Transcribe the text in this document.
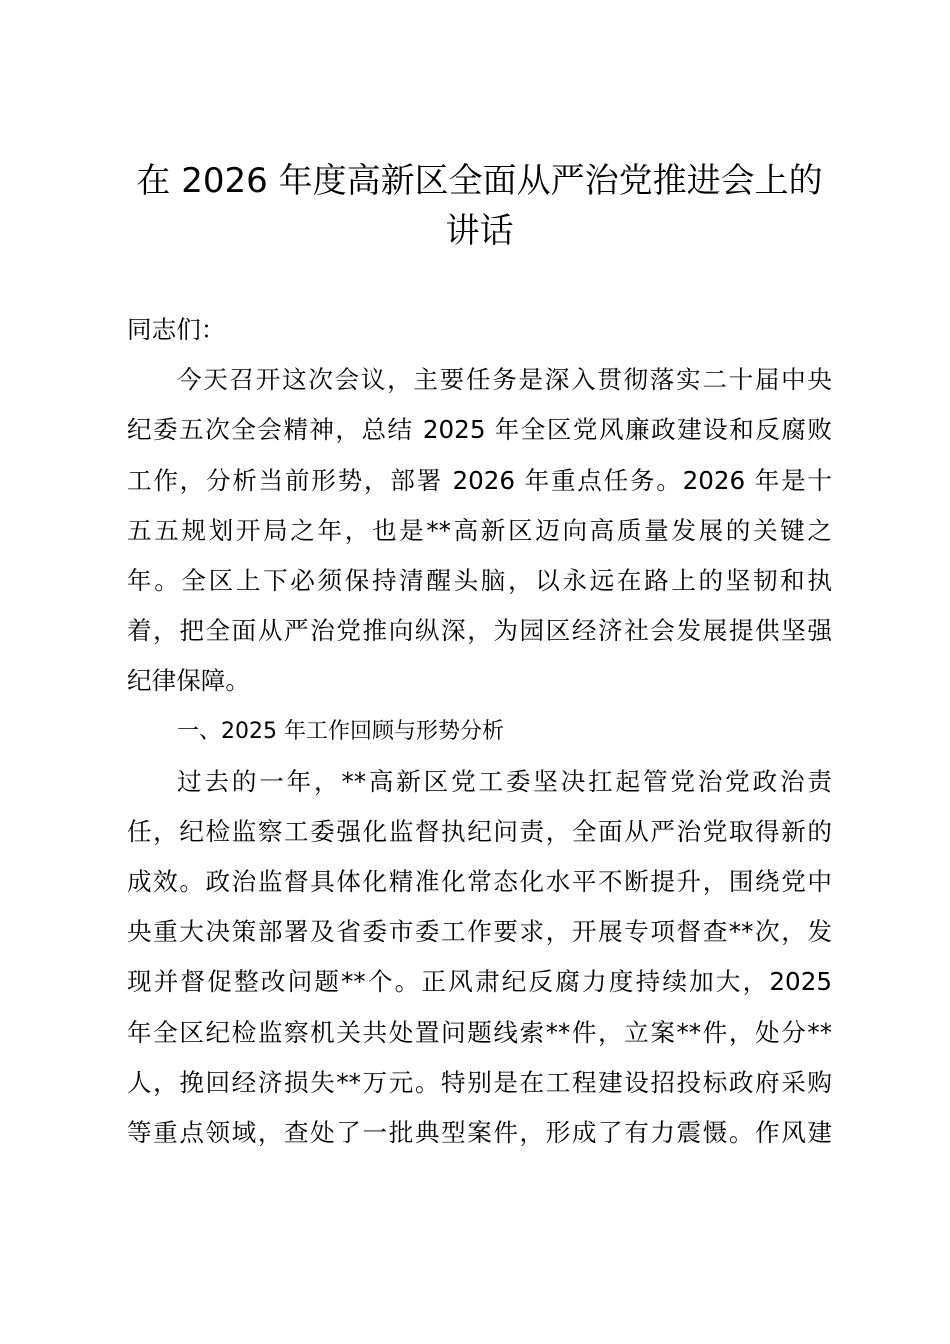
在 2026 年度高新区全面从严治党推进会上的
讲话
同志们：
今天召开这次会议，主要任务是深入贯彻落实二十届中央
纪委五次全会精神，总结 2025 年全区党风廉政建设和反腐败
工作，分析当前形势，部署 2026 年重点任务。2026 年是十
五五规划开局之年，也是**高新区迈向高质量发展的关键之
年。全区上下必须保持清醒头脑，以永远在路上的坚韧和执
着，把全面从严治党推向纵深，为园区经济社会发展提供坚强
纪律保障。
一、2025 年工作回顾与形势分析
过去的一年，**高新区党工委坚决扛起管党治党政治责
任，纪检监察工委强化监督执纪问责，全面从严治党取得新的
成效。政治监督具体化精准化常态化水平不断提升，围绕党中
央重大决策部署及省委市委工作要求，开展专项督查**次，发
现并督促整改问题**个。正风肃纪反腐力度持续加大，2025
年全区纪检监察机关共处置问题线索**件，立案**件，处分**
人，挽回经济损失**万元。特别是在工程建设招投标政府采购
等重点领域，查处了一批典型案件，形成了有力震慑。作风建
